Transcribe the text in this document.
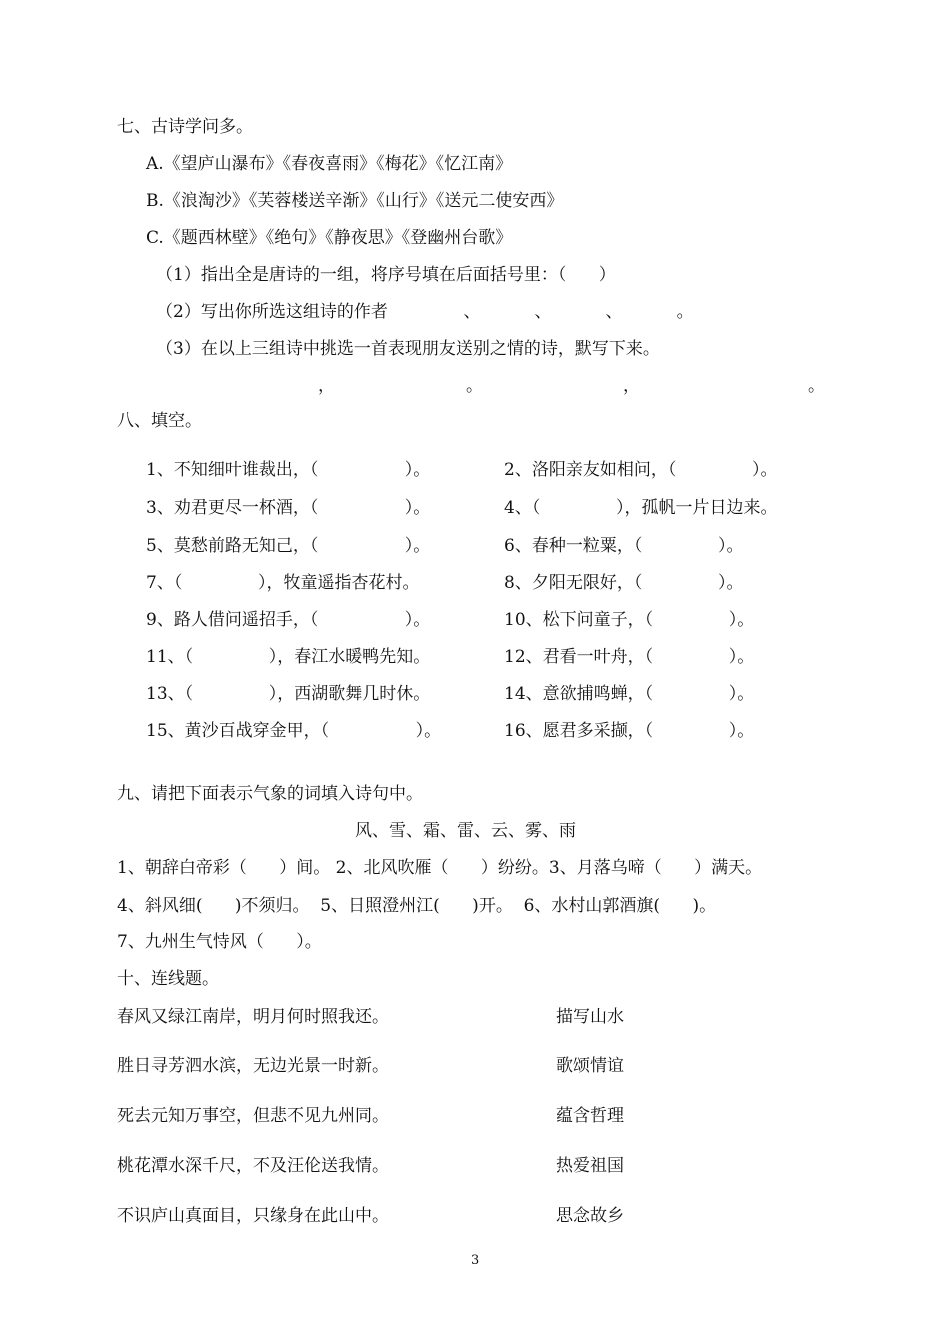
七、古诗学问多。
A.《望庐山瀑布》《春夜喜雨》《梅花》《忆江南》
B.《浪淘沙》《芙蓉楼送辛渐》《山行》《送元二使安西》
C.《题西林壁》《绝句》《静夜思》《登幽州台歌》
（1）指出全是唐诗的一组，将序号填在后面括号里：（      ）
（2）写出你所选这组诗的作者              、          、          、          。
（3）在以上三组诗中挑选一首表现朋友送别之情的诗，默写下来。
，	。	，	。
八、填空。
1、不知细叶谁裁出，（                ）。	2、洛阳亲友如相问，（              ）。
3、劝君更尽一杯酒，（                ）。	4、（              ），孤帆一片日边来。
5、莫愁前路无知己，（                ）。	6、春种一粒粟，（              ）。
7、（              ），牧童遥指杏花村。	8、夕阳无限好，（              ）。
9、路人借问遥招手，（                ）。	10、松下问童子，（              ）。
11、（              ），春江水暖鸭先知。	12、君看一叶舟，（              ）。
13、（              ），西湖歌舞几时休。	14、意欲捕鸣蝉，（              ）。
15、黄沙百战穿金甲，（                ）。	16、愿君多采撷，（              ）。
九、请把下面表示气象的词填入诗句中。
风、雪、霜、雷、云、雾、雨
1、朝辞白帝彩（      ）间。 2、北风吹雁（      ）纷纷。3、月落乌啼（      ）满天。
4、斜风细(      )不须归。  5、日照澄州江(      )开。  6、水村山郭酒旗(      )。
7、九州生气恃风（      ）。
十、连线题。
春风又绿江南岸，明月何时照我还。	描写山水
胜日寻芳泗水滨，无边光景一时新。	歌颂情谊
死去元知万事空，但悲不见九州同。	蕴含哲理
桃花潭水深千尺，不及汪伦送我情。	热爱祖国
不识庐山真面目，只缘身在此山中。	思念故乡
3
